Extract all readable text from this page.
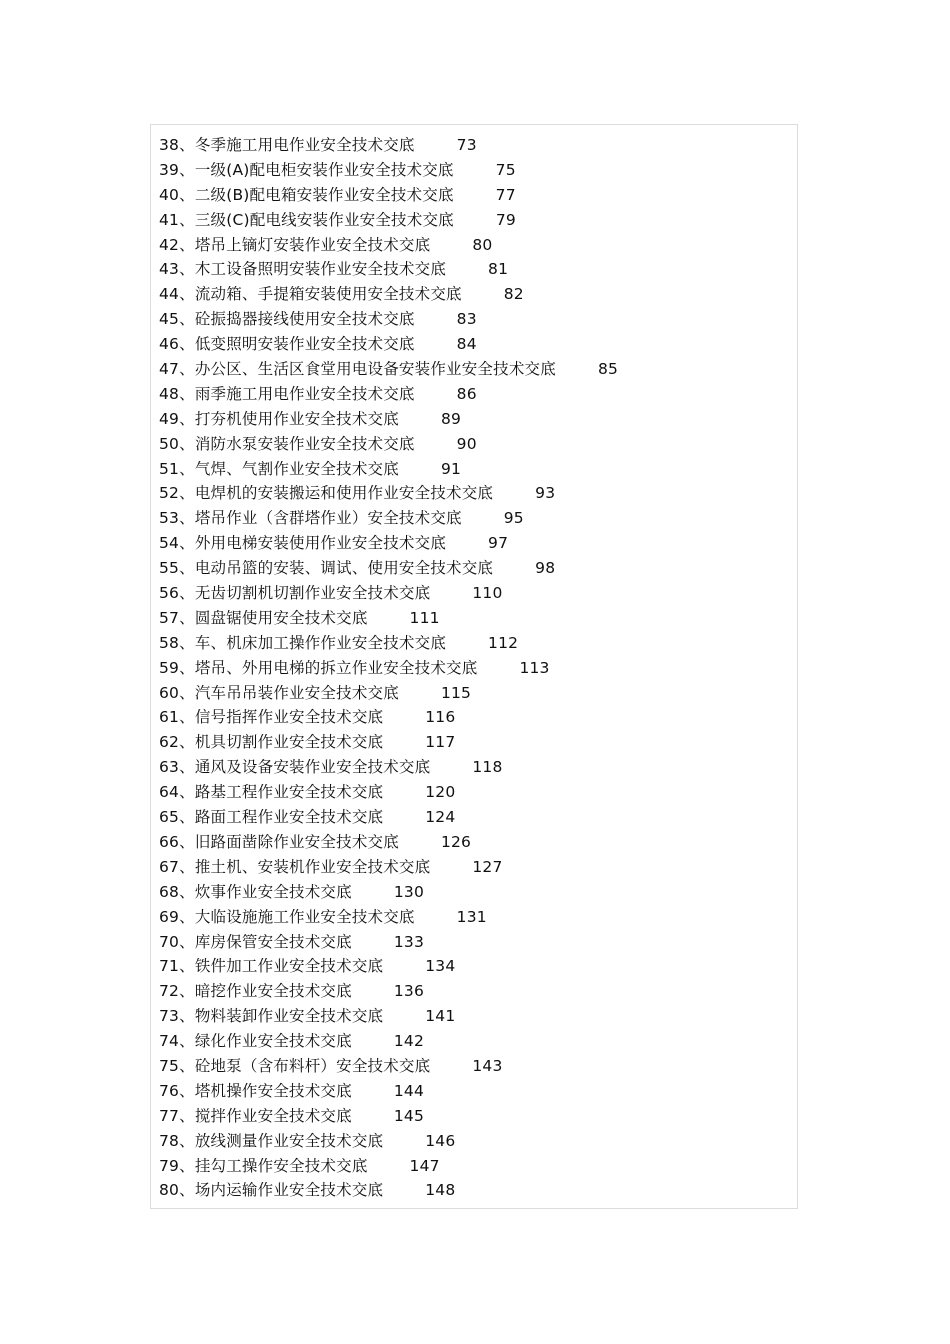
38、冬季施工用电作业安全技术交底	73
39、一级(A)配电柜安装作业安全技术交底	75
40、二级(B)配电箱安装作业安全技术交底	77
41、三级(C)配电线安装作业安全技术交底	79
42、塔吊上镝灯安装作业安全技术交底	80
43、木工设备照明安装作业安全技术交底	81
44、流动箱、手提箱安装使用安全技术交底	82
45、砼振捣器接线使用安全技术交底	83
46、低变照明安装作业安全技术交底	84
47、办公区、生活区食堂用电设备安装作业安全技术交底	85
48、雨季施工用电作业安全技术交底	86
49、打夯机使用作业安全技术交底	89
50、消防水泵安装作业安全技术交底	90
51、气焊、气割作业安全技术交底	91
52、电焊机的安装搬运和使用作业安全技术交底	93
53、塔吊作业（含群塔作业）安全技术交底	95
54、外用电梯安装使用作业安全技术交底	97
55、电动吊篮的安装、调试、使用安全技术交底	98
56、无齿切割机切割作业安全技术交底	110
57、圆盘锯使用安全技术交底	111
58、车、机床加工操作作业安全技术交底	112
59、塔吊、外用电梯的拆立作业安全技术交底	113
60、汽车吊吊装作业安全技术交底	115
61、信号指挥作业安全技术交底	116
62、机具切割作业安全技术交底	117
63、通风及设备安装作业安全技术交底	118
64、路基工程作业安全技术交底	120
65、路面工程作业安全技术交底	124
66、旧路面凿除作业安全技术交底	126
67、推土机、安装机作业安全技术交底	127
68、炊事作业安全技术交底	130
69、大临设施施工作业安全技术交底	131
70、库房保管安全技术交底	133
71、铁件加工作业安全技术交底	134
72、暗挖作业安全技术交底	136
73、物料装卸作业安全技术交底	141
74、绿化作业安全技术交底	142
75、砼地泵（含布料杆）安全技术交底	143
76、塔机操作安全技术交底	144
77、搅拌作业安全技术交底	145
78、放线测量作业安全技术交底	146
79、挂勾工操作安全技术交底	147
80、场内运输作业安全技术交底	148
